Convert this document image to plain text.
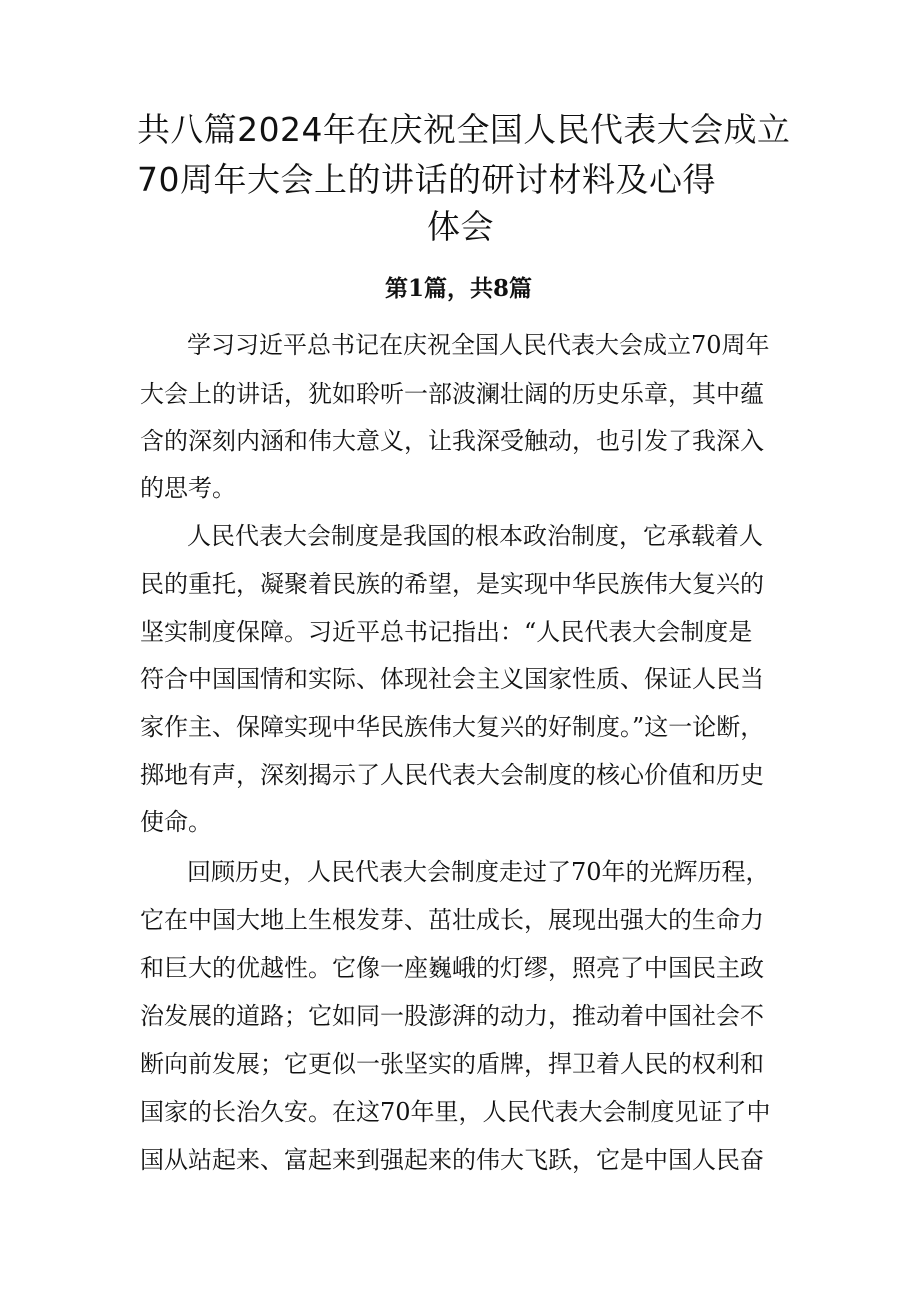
共八篇2024年在庆祝全国人民代表大会成立
70周年大会上的讲话的研讨材料及心得
体会
第1篇，共8篇
学习习近平总书记在庆祝全国人民代表大会成立70周年
大会上的讲话，犹如聆听一部波澜壮阔的历史乐章，其中蕴
含的深刻内涵和伟大意义，让我深受触动，也引发了我深入
的思考。
人民代表大会制度是我国的根本政治制度，它承载着人
民的重托，凝聚着民族的希望，是实现中华民族伟大复兴的
坚实制度保障。习近平总书记指出：“人民代表大会制度是
符合中国国情和实际、体现社会主义国家性质、保证人民当
家作主、保障实现中华民族伟大复兴的好制度。”这一论断，
掷地有声，深刻揭示了人民代表大会制度的核心价值和历史
使命。
回顾历史，人民代表大会制度走过了70年的光辉历程，
它在中国大地上生根发芽、茁壮成长，展现出强大的生命力
和巨大的优越性。它像一座巍峨的灯缪，照亮了中国民主政
治发展的道路；它如同一股澎湃的动力，推动着中国社会不
断向前发展；它更似一张坚实的盾牌，捍卫着人民的权利和
国家的长治久安。在这70年里，人民代表大会制度见证了中
国从站起来、富起来到强起来的伟大飞跃，它是中国人民奋
